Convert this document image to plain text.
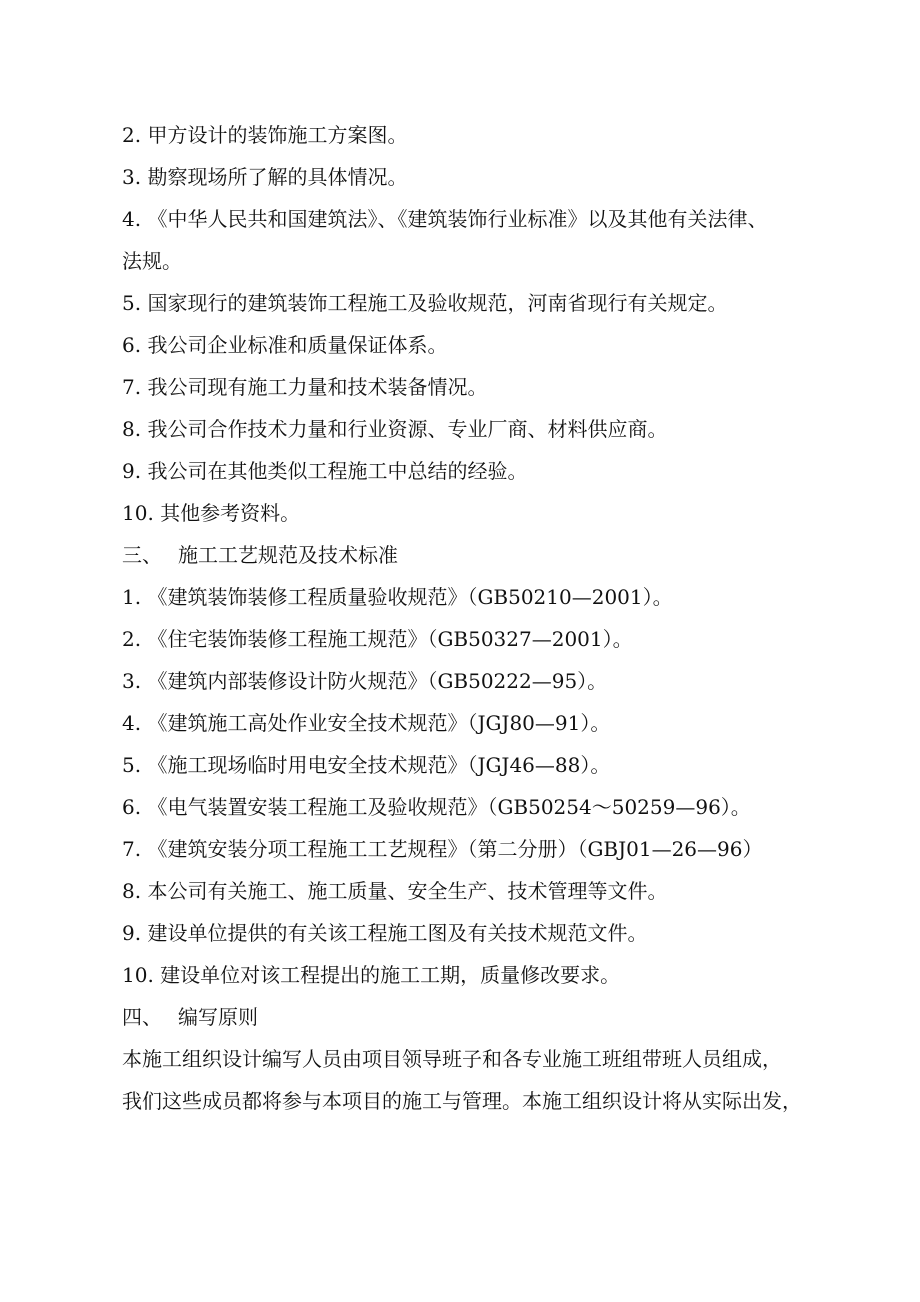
2. 甲方设计的装饰施工方案图。
3. 勘察现场所了解的具体情况。
4. 《中华人民共和国建筑法》、《建筑装饰行业标准》以及其他有关法律、
法规。
5. 国家现行的建筑装饰工程施工及验收规范，河南省现行有关规定。
6. 我公司企业标准和质量保证体系。
7. 我公司现有施工力量和技术装备情况。
8. 我公司合作技术力量和行业资源、专业厂商、材料供应商。
9. 我公司在其他类似工程施工中总结的经验。
10. 其他参考资料。
三、 施工工艺规范及技术标准
1. 《建筑装饰装修工程质量验收规范》（GB50210—2001）。
2. 《住宅装饰装修工程施工规范》（GB50327—2001）。
3. 《建筑内部装修设计防火规范》（GB50222—95）。
4. 《建筑施工高处作业安全技术规范》（JGJ80—91）。
5. 《施工现场临时用电安全技术规范》（JGJ46—88）。
6. 《电气装置安装工程施工及验收规范》（GB50254～50259—96）。
7. 《建筑安装分项工程施工工艺规程》（第二分册）（GBJ01—26—96）
8. 本公司有关施工、施工质量、安全生产、技术管理等文件。
9. 建设单位提供的有关该工程施工图及有关技术规范文件。
10. 建设单位对该工程提出的施工工期，质量修改要求。
四、 编写原则
本施工组织设计编写人员由项目领导班子和各专业施工班组带班人员组成，
我们这些成员都将参与本项目的施工与管理。本施工组织设计将从实际出发，
